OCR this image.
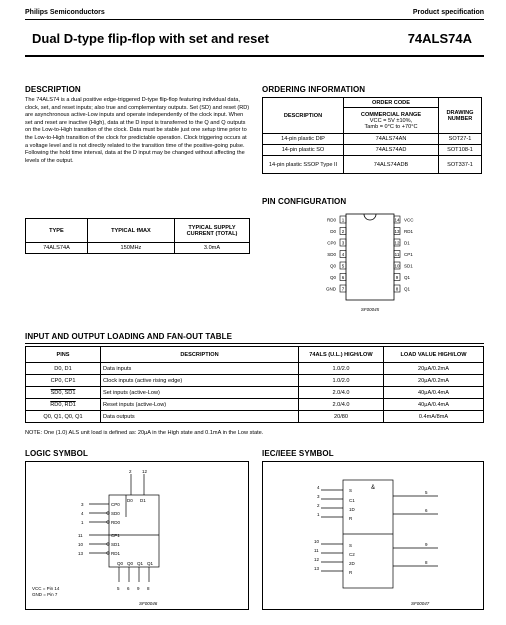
Philips Semiconductors	Product specification
Dual D-type flip-flop with set and reset	74ALS74A
DESCRIPTION
The 74ALS74 is a dual positive edge-triggered D-type flip-flop featuring individual data, clock, set, and reset inputs; also true and complementary outputs. Set (SD) and reset (RD) are asynchronous active-Low inputs and operate independently of the clock input. When set and reset are inactive (High), data at the D input is transferred to the Q and Q outputs on the Low-to-High transition of the clock. Data must be stable just one setup time prior to the Low-to-High transition of the clock for predictable operation. Clock triggering occurs at a voltage level and is not directly related to the transition time of the positive-going pulse. Following the hold time interval, data at the D input may be changed without affecting the levels of the output.
TYPE	TYPICAL fMAX	TYPICAL SUPPLY CURRENT (TOTAL)
74ALS74A	150MHz	3.0mA
ORDERING INFORMATION
DESCRIPTION	ORDER CODE	DRAWING NUMBER

	COMMERCIAL RANGE
VCC = 5V ±10%,
Tamb = 0°C to +70°C	

14-pin plastic DIP	74ALS74AN	SOT27-1
14-pin plastic SO	74ALS74AD	SOT108-1
14-pin plastic SSOP Type II	74ALS74ADB	SOT337-1
PIN CONFIGURATION
1
RD0
2
D0
3
CP0
4
SD0
5
Q0
6
Q0
7
GND
14 VCC
13 RD1
12 D1
11 CP1
10 SD1
9 Q1
8 Q1
SF00045
INPUT AND OUTPUT LOADING AND FAN-OUT TABLE
PINS	DESCRIPTION	74ALS (U.L.) HIGH/LOW	LOAD VALUE HIGH/LOW
D0, D1	Data inputs	1.0/2.0	20μA/0.2mA
CP0, CP1	Clock inputs (active rising edge)	1.0/2.0	20μA/0.2mA
SD0, SD1	Set inputs (active-Low)	2.0/4.0	40μA/0.4mA
RD0, RD1	Reset inputs (active-Low)	2.0/4.0	40μA/0.4mA
Q0, Q1, Q0, Q1	Data outputs	20/80	0.4mA/8mA
NOTE: One (1.0) ALS unit load is defined as: 20μA in the High state and 0.1mA in the Low state.
LOGIC SYMBOL
2 12
D0 D1
3	CP0
4	SD0
1	RD0
11	CP1
10	SD1
13	RD1
Q0 Q0 Q1 Q1
5 6 9 8
VCC = Pin 14
GND = Pin 7
SF00046
IEC/IEEE SYMBOL
4
3
2
1
10
11
12
13
S	&
C1
1D
R
S
C2
2D
R
5
6
9
8
SF00047
